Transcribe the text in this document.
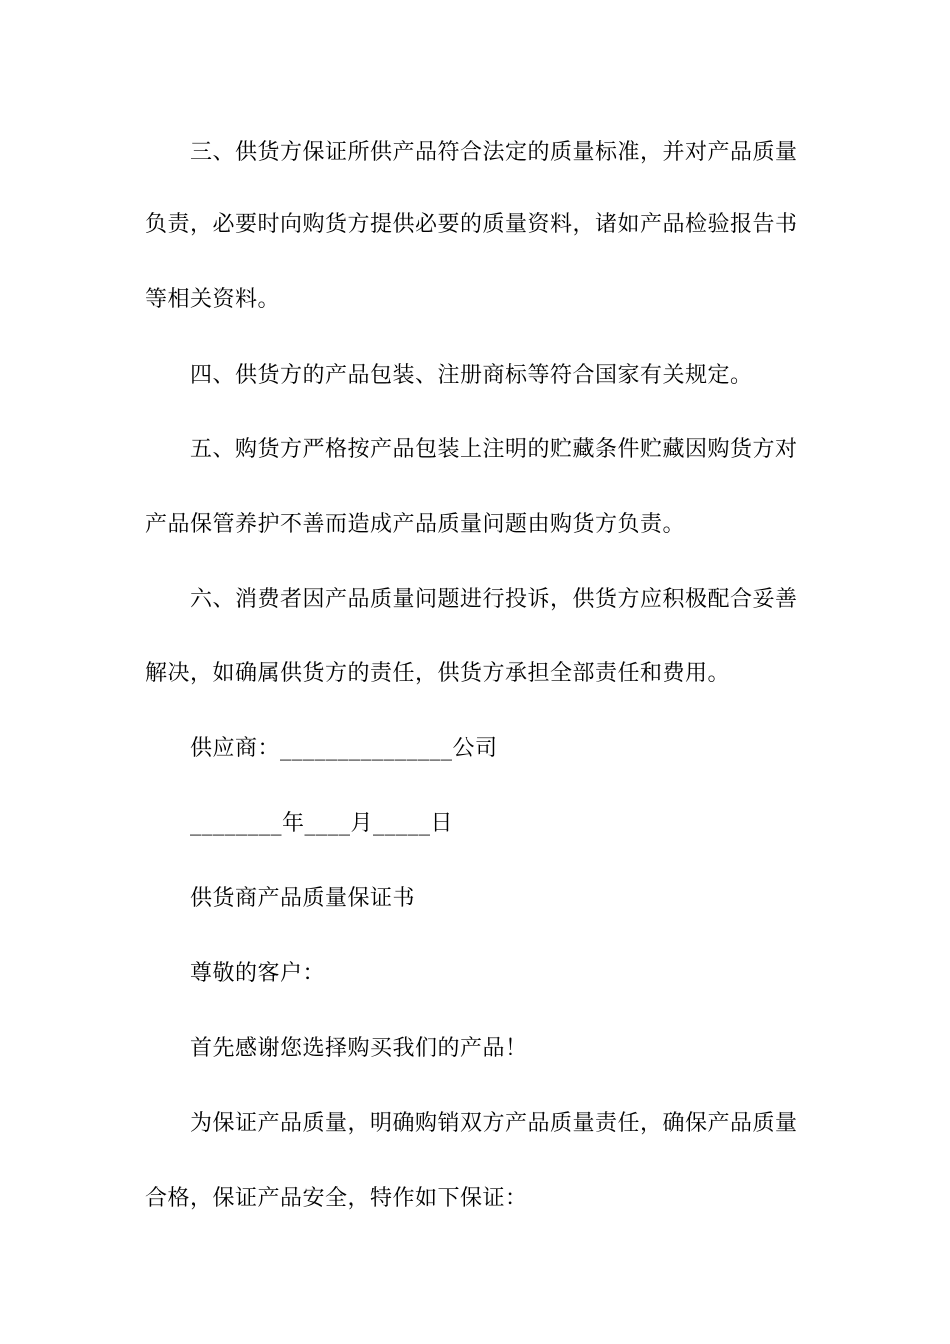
三、供货方保证所供产品符合法定的质量标准，并对产品质量
负责，必要时向购货方提供必要的质量资料，诸如产品检验报告书
等相关资料。
四、供货方的产品包装、注册商标等符合国家有关规定。
五、购货方严格按产品包装上注明的贮藏条件贮藏因购货方对
产品保管养护不善而造成产品质量问题由购货方负责。
六、消费者因产品质量问题进行投诉，供货方应积极配合妥善
解决，如确属供货方的责任，供货方承担全部责任和费用。
供应商：_______________公司
________年____月_____日
供货商产品质量保证书
尊敬的客户：
首先感谢您选择购买我们的产品！
为保证产品质量，明确购销双方产品质量责任，确保产品质量
合格，保证产品安全，特作如下保证：
